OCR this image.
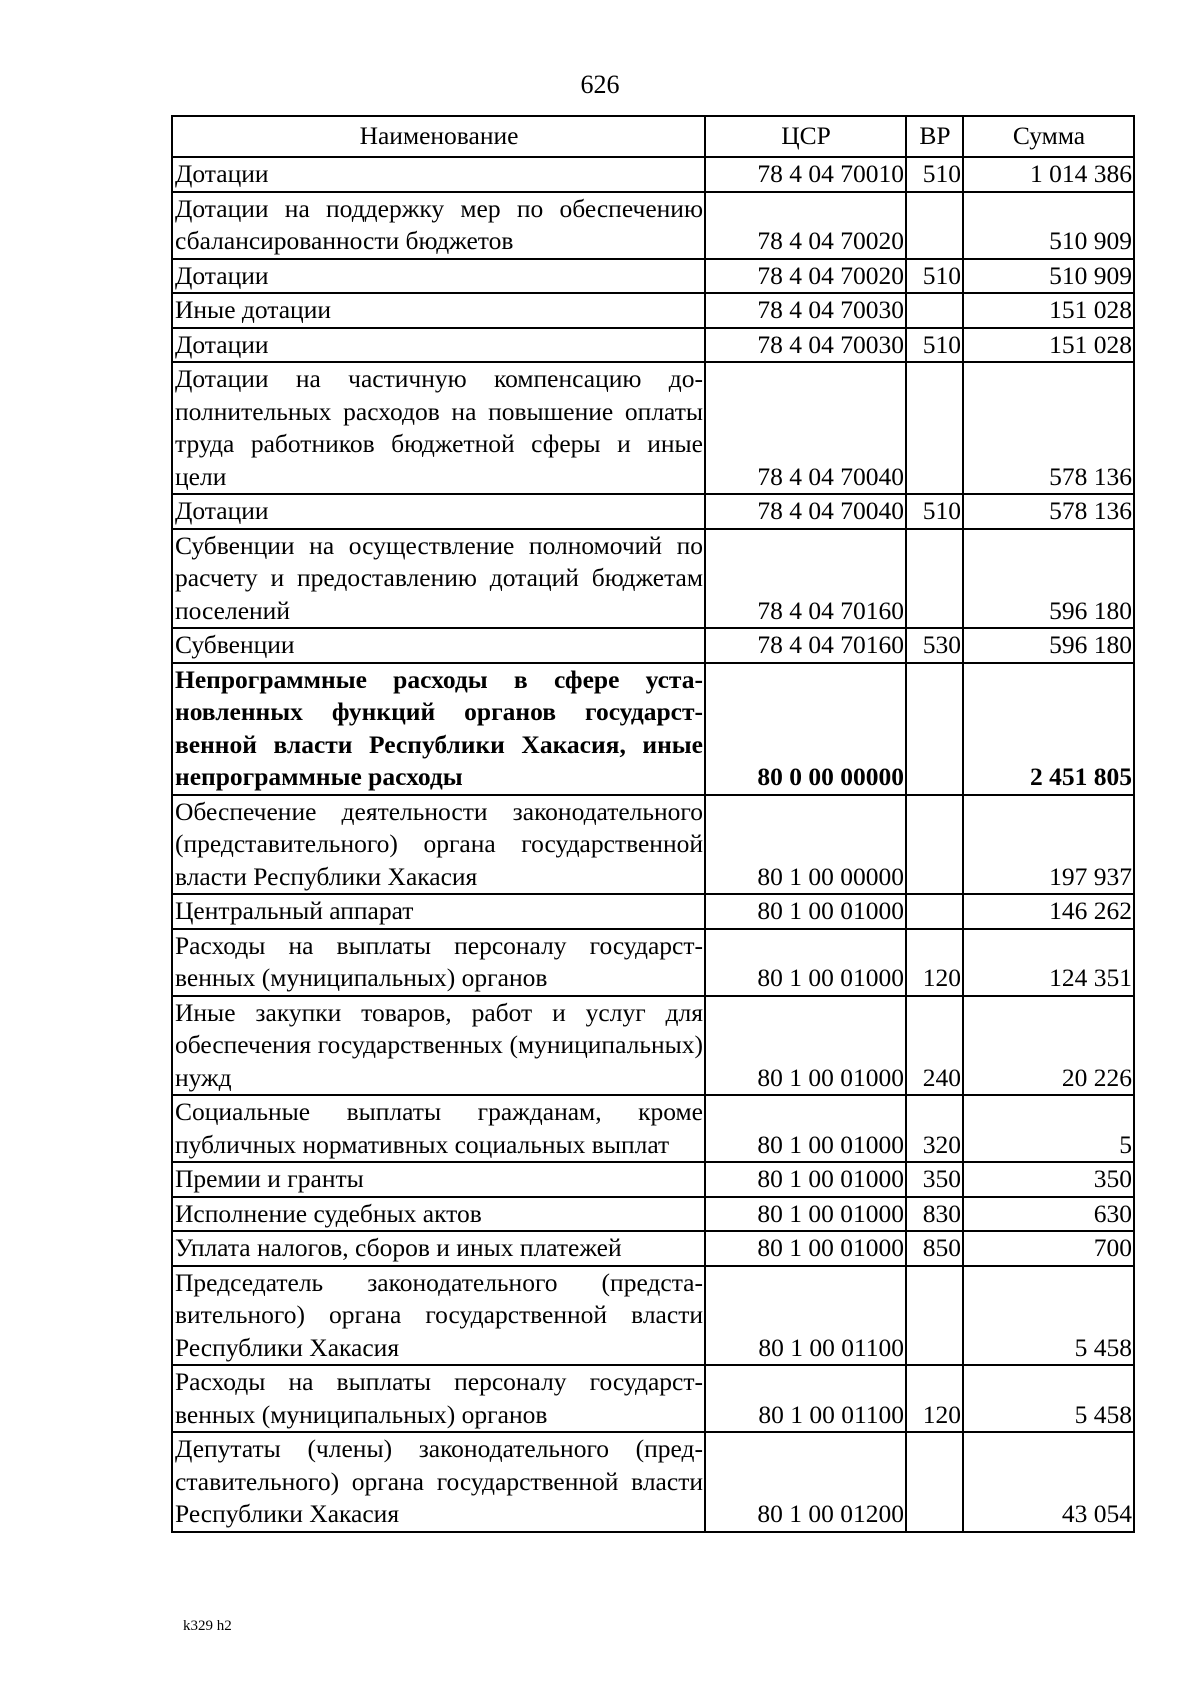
626
Наименование	ЦСР	ВР	Сумма
Дотации	78 4 04 70010	510	1 014 386
Дотации на поддержку мер по обеспечению сбалансированности бюджетов	78 4 04 70020		510 909
Дотации	78 4 04 70020	510	510 909
Иные дотации	78 4 04 70030		151 028
Дотации	78 4 04 70030	510	151 028
Дотации на частичную компенсацию дополнительных расходов на повышение оплаты труда работников бюджетной сферы и иные цели	78 4 04 70040		578 136
Дотации	78 4 04 70040	510	578 136
Субвенции на осуществление полномочий по расчету и предоставлению дотаций бюджетам поселений	78 4 04 70160		596 180
Субвенции	78 4 04 70160	530	596 180
Непрограммные расходы в сфере установленных функций органов государственной власти Республики Хакасия, иные непрограммные расходы	80 0 00 00000		2 451 805
Обеспечение деятельности законодательного (представительного) органа государственной власти Республики Хакасия	80 1 00 00000		197 937
Центральный аппарат	80 1 00 01000		146 262
Расходы на выплаты персоналу государственных (муниципальных) органов	80 1 00 01000	120	124 351
Иные закупки товаров, работ и услуг для обеспечения государственных (муниципальных) нужд	80 1 00 01000	240	20 226
Социальные выплаты гражданам, кроме публичных нормативных социальных выплат	80 1 00 01000	320	5
Премии и гранты	80 1 00 01000	350	350
Исполнение судебных актов	80 1 00 01000	830	630
Уплата налогов, сборов и иных платежей	80 1 00 01000	850	700
Председатель законодательного (представительного) органа государственной власти Республики Хакасия	80 1 00 01100		5 458
Расходы на выплаты персоналу государственных (муниципальных) органов	80 1 00 01100	120	5 458
Депутаты (члены) законодательного (представительного) органа государственной власти Республики Хакасия	80 1 00 01200		43 054
k329 h2
